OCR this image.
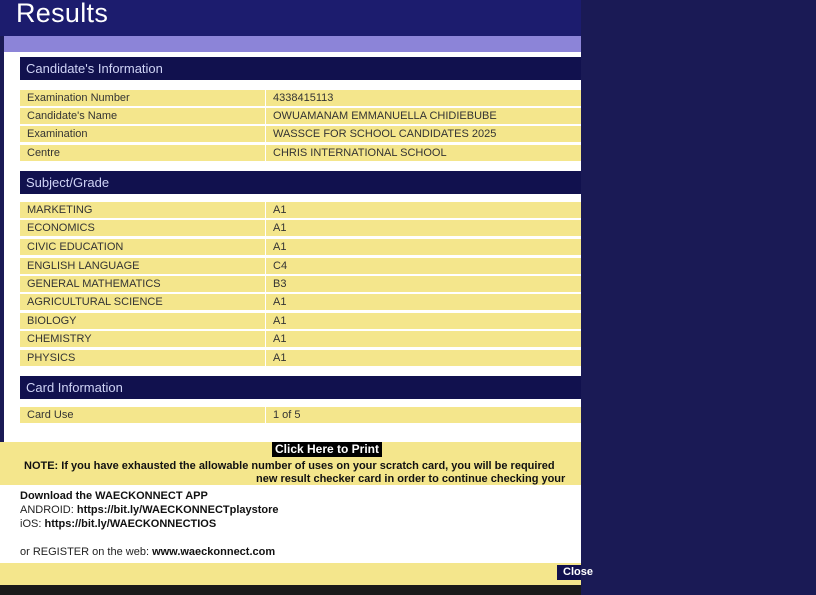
Results
Candidate's Information
Examination Number	4338415113
Candidate's Name	OWUAMANAM EMMANUELLA CHIDIEBUBE
Examination	WASSCE FOR SCHOOL CANDIDATES 2025
Centre	CHRIS INTERNATIONAL SCHOOL
Subject/Grade
MARKETING	A1
ECONOMICS	A1
CIVIC EDUCATION	A1
ENGLISH LANGUAGE	C4
GENERAL MATHEMATICS	B3
AGRICULTURAL SCIENCE	A1
BIOLOGY	A1
CHEMISTRY	A1
PHYSICS	A1
Card Information
Card Use	1 of 5
Click Here to Print
NOTE: If you have exhausted the allowable number of uses on your scratch card, you will be required
new result checker card in order to continue checking your
Download the WAECKONNECT APP
ANDROID: https://bit.ly/WAECKONNECTplaystore
iOS: https://bit.ly/WAECKONNECTIOS
or REGISTER on the web: www.waeckonnect.com
Close
